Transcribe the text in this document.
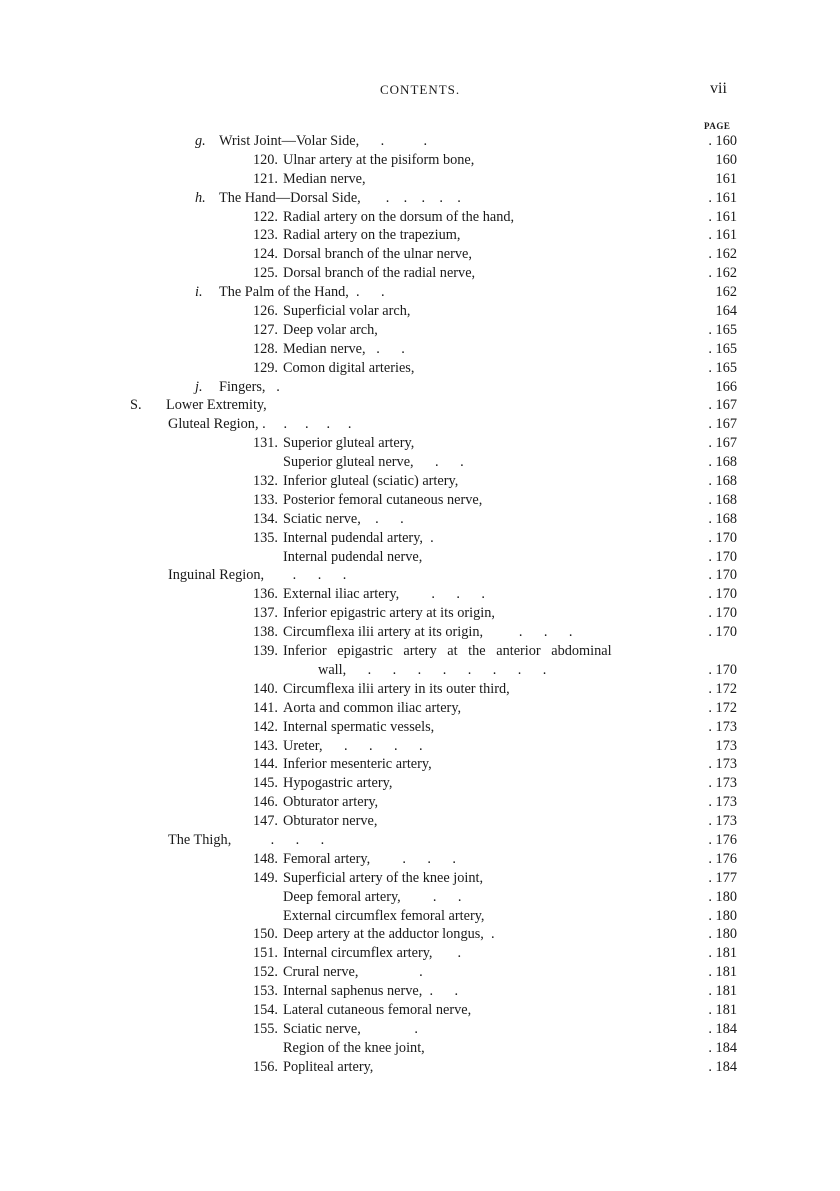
CONTENTS.	vii
PAGE
g. Wrist Joint—Volar Side,      .           .	. 160
120. Ulnar artery at the pisiform bone,	160
121. Median nerve,	161
h. The Hand—Dorsal Side,       .    .    .    .    .	. 161
122. Radial artery on the dorsum of the hand,	. 161
123. Radial artery on the trapezium,	. 161
124. Dorsal branch of the ulnar nerve,	. 162
125. Dorsal branch of the radial nerve,	. 162
i.	The Palm of the Hand,  .      .	162
126. Superficial volar arch,	164
127. Deep volar arch,	. 165
128. Median nerve,   .      .	. 165
129. Comon digital arteries,	. 165
j.	Fingers,   .	166
S.	Lower Extremity,	. 167
Gluteal Region, .     .     .     .     .	. 167
131. Superior gluteal artery,	. 167
Superior gluteal nerve,      .      .	. 168
132. Inferior gluteal (sciatic) artery,	. 168
133. Posterior femoral cutaneous nerve,	. 168
134. Sciatic nerve,    .      .	. 168
135. Internal pudendal artery,  .	. 170
Internal pudendal nerve,	. 170
Inguinal Region,        .      .      .	. 170
136. External iliac artery,         .      .      .	. 170
137. Inferior epigastric artery at its origin,	. 170
138. Circumflexa ilii artery at its origin,          .      .      .	. 170
139. Inferior epigastric artery at the anterior abdominal
wall,      .      .      .      .      .      .      .      .	. 170
140. Circumflexa ilii artery in its outer third,	. 172
141. Aorta and common iliac artery,	. 172
142. Internal spermatic vessels,	. 173
143. Ureter,      .      .      .      .	173
144. Inferior mesenteric artery,	. 173
145. Hypogastric artery,	. 173
146. Obturator artery,	. 173
147. Obturator nerve,	. 173
The Thigh,           .      .      .	. 176
148. Femoral artery,         .      .      .	. 176
149. Superficial artery of the knee joint,	. 177
Deep femoral artery,         .      .	. 180
External circumflex femoral artery,	. 180
150. Deep artery at the adductor longus,  .	. 180
151. Internal circumflex artery,       .	. 181
152. Crural nerve,                 .	. 181
153. Internal saphenus nerve,  .      .	. 181
154. Lateral cutaneous femoral nerve,	. 181
155. Sciatic nerve,               .	. 184
Region of the knee joint,	. 184
156. Popliteal artery,	. 184
